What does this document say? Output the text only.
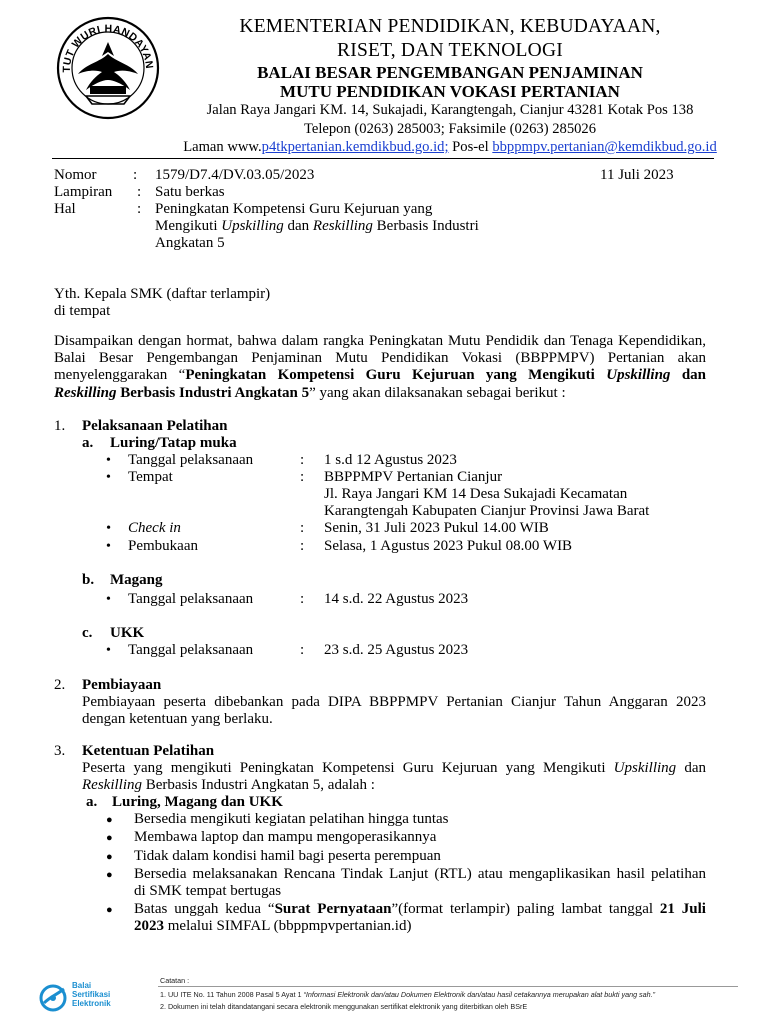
TUT WURI HANDAYAN
KEMENTERIAN PENDIDIKAN, KEBUDAYAAN,
RISET, DAN TEKNOLOGI
BALAI BESAR PENGEMBANGAN PENJAMINAN
MUTU PENDIDIKAN VOKASI PERTANIAN
Jalan Raya Jangari KM. 14, Sukajadi, Karangtengah, Cianjur 43281 Kotak Pos 138
Telepon (0263) 285003; Faksimile (0263) 285026
Laman www.p4tkpertanian.kemdikbud.go.id; Pos-el bbppmpv.pertanian@kemdikbud.go.id
Nomor : 1579/D7.4/DV.03.05/2023	11 Juli 2023
Lampiran : Satu berkas
Hal	: Peningkatan Kompetensi Guru Kejuruan yang
Mengikuti Upskilling dan Reskilling Berbasis Industri
Angkatan 5
Yth. Kepala SMK (daftar terlampir)
di tempat
Disampaikan dengan hormat, bahwa dalam rangka Peningkatan Mutu Pendidik dan Tenaga Kependidikan,
Balai Besar Pengembangan Penjaminan Mutu Pendidikan Vokasi (BBPPMPV) Pertanian akan
menyelenggarakan “Peningkatan Kompetensi Guru Kejuruan yang Mengikuti Upskilling dan
Reskilling Berbasis Industri Angkatan 5” yang akan dilaksanakan sebagai berikut :
1. Pelaksanaan Pelatihan
a. Luring/Tatap muka
• Tanggal pelaksanaan	: 1 s.d 12 Agustus 2023
• Tempat	: BBPPMPV Pertanian Cianjur
Jl. Raya Jangari KM 14 Desa Sukajadi Kecamatan
Karangtengah Kabupaten Cianjur Provinsi Jawa Barat
• Check in	: Senin, 31 Juli 2023 Pukul 14.00 WIB
• Pembukaan	: Selasa, 1 Agustus 2023 Pukul 08.00 WIB
b. Magang
• Tanggal pelaksanaan	: 14 s.d. 22 Agustus 2023
c. UKK
• Tanggal pelaksanaan	: 23 s.d. 25 Agustus 2023
2. Pembiayaan
Pembiayaan peserta dibebankan pada DIPA BBPPMPV Pertanian Cianjur Tahun Anggaran 2023
dengan ketentuan yang berlaku.
3. Ketentuan Pelatihan
Peserta yang mengikuti Peningkatan Kompetensi Guru Kejuruan yang Mengikuti Upskilling dan
Reskilling Berbasis Industri Angkatan 5, adalah :
a. Luring, Magang dan UKK
● Bersedia mengikuti kegiatan pelatihan hingga tuntas
● Membawa laptop dan mampu mengoperasikannya
● Tidak dalam kondisi hamil bagi peserta perempuan
● Bersedia melaksanakan Rencana Tindak Lanjut (RTL) atau mengaplikasikan hasil pelatihan
di SMK tempat bertugas
● Batas unggah kedua “Surat Pernyataan”(format terlampir) paling lambat tanggal 21 Juli
2023 melalui SIMFAL (bbppmpvpertanian.id)
Balai
Sertifikasi
Elektronik
Catatan :
1. UU ITE No. 11 Tahun 2008 Pasal 5 Ayat 1 “Informasi Elektronik dan/atau Dokumen Elektronik dan/atau hasil cetakannya merupakan alat bukti yang sah.”
2. Dokumen ini telah ditandatangani secara elektronik menggunakan sertifikat elektronik yang diterbitkan oleh BSrE
